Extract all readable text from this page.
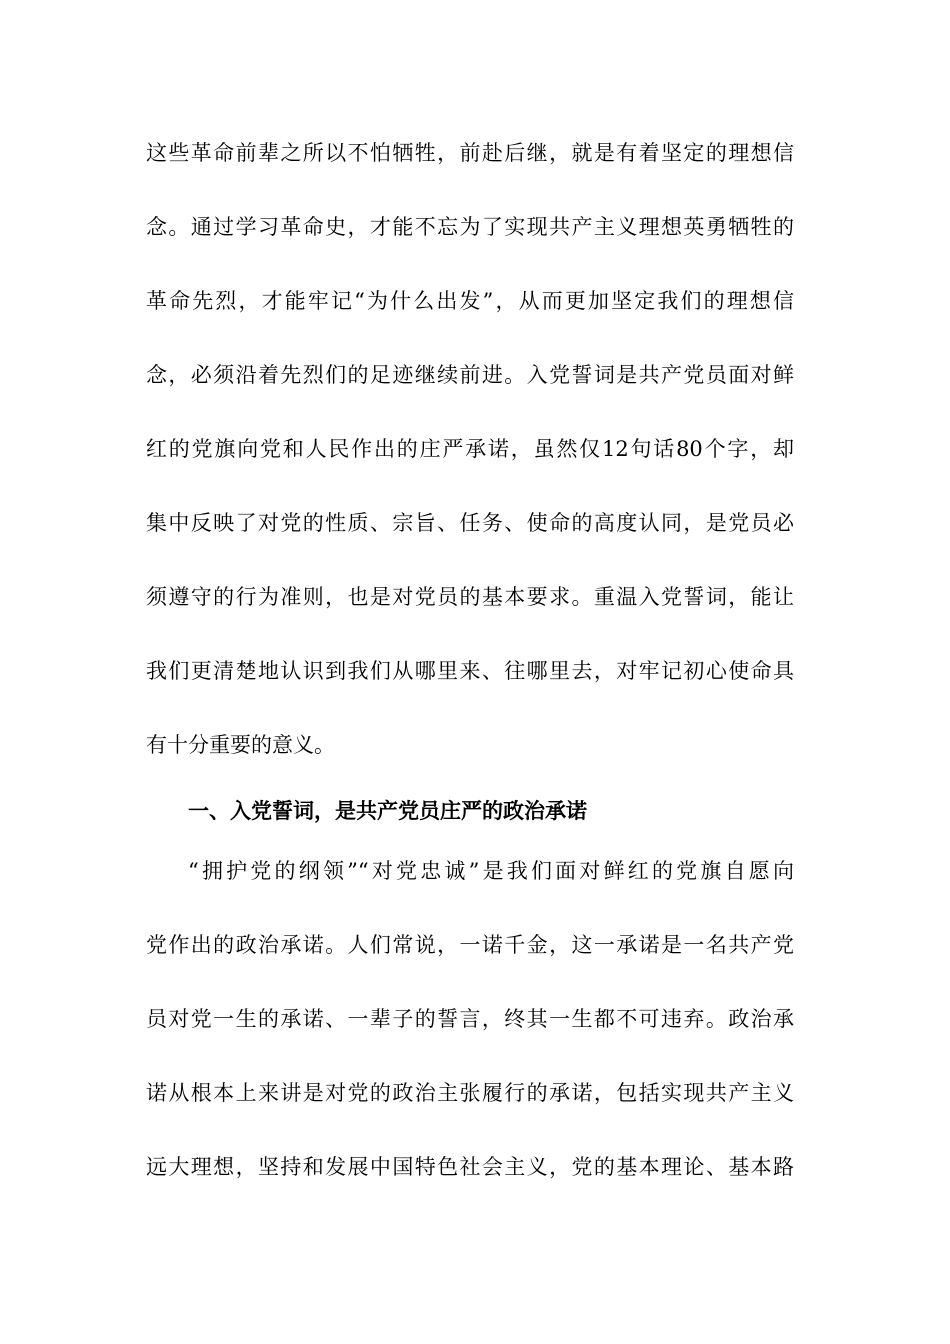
这些革命前辈之所以不怕牺牲，前赴后继，就是有着坚定的理想信
念。通过学习革命史，才能不忘为了实现共产主义理想英勇牺牲的
革命先烈，才能牢记“为什么出发”，从而更加坚定我们的理想信
念，必须沿着先烈们的足迹继续前进。入党誓词是共产党员面对鲜
红的党旗向党和人民作出的庄严承诺，虽然仅12句话80个字，却
集中反映了对党的性质、宗旨、任务、使命的高度认同，是党员必
须遵守的行为准则，也是对党员的基本要求。重温入党誓词，能让
我们更清楚地认识到我们从哪里来、往哪里去，对牢记初心使命具
有十分重要的意义。
一、入党誓词，是共产党员庄严的政治承诺
“拥护党的纲领”“对党忠诚”是我们面对鲜红的党旗自愿向
党作出的政治承诺。人们常说，一诺千金，这一承诺是一名共产党
员对党一生的承诺、一辈子的誓言，终其一生都不可违弃。政治承
诺从根本上来讲是对党的政治主张履行的承诺，包括实现共产主义
远大理想，坚持和发展中国特色社会主义，党的基本理论、基本路
